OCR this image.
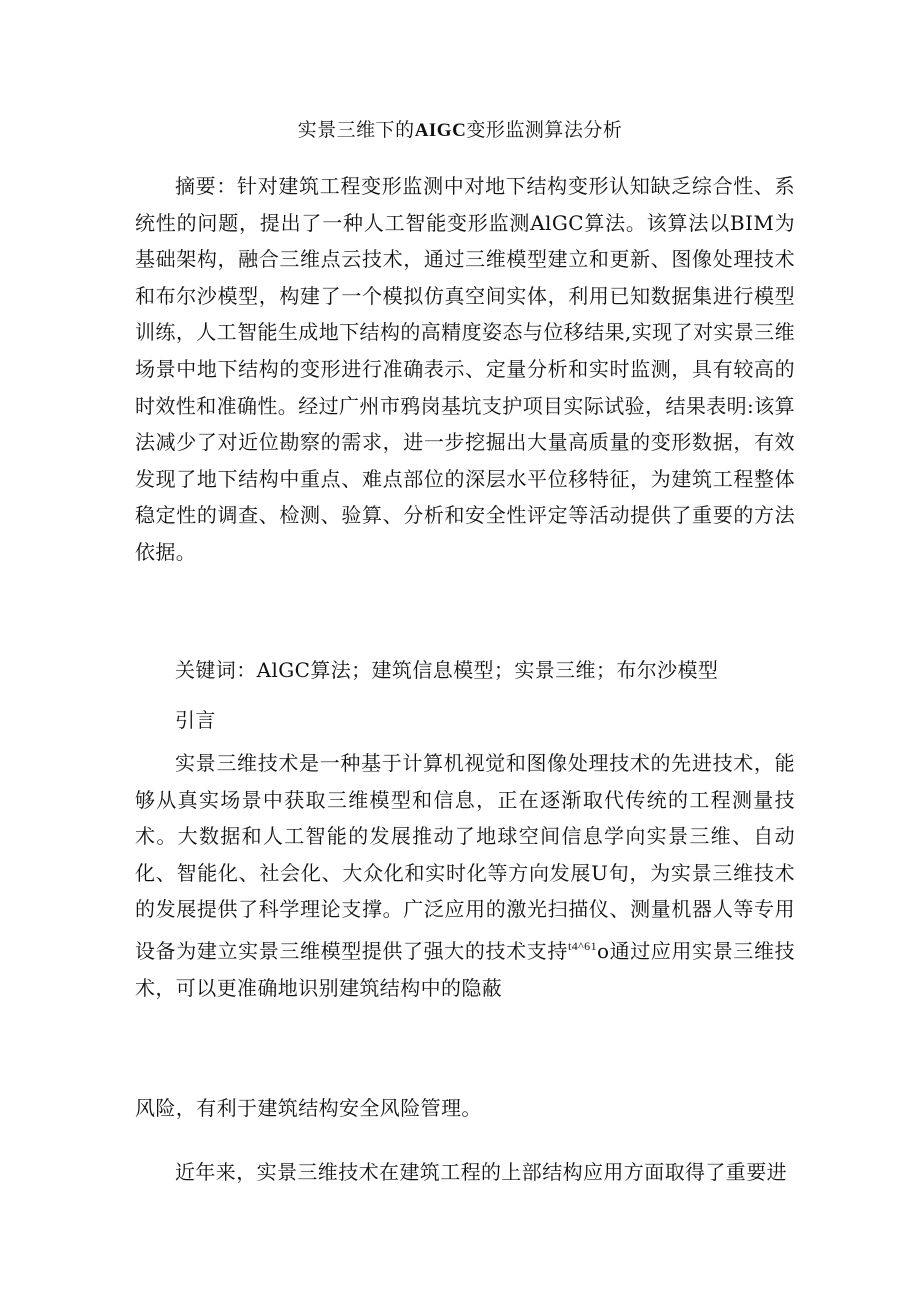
实景三维下的AIGC变形监测算法分析

摘要：针对建筑工程变形监测中对地下结构变形认知缺乏综合性、系统性的问题，提出了一种人工智能变形监测AlGC算法。该算法以BIM为基础架构，融合三维点云技术，通过三维模型建立和更新、图像处理技术和布尔沙模型，构建了一个模拟仿真空间实体，利用已知数据集进行模型训练，人工智能生成地下结构的高精度姿态与位移结果,实现了对实景三维场景中地下结构的变形进行准确表示、定量分析和实时监测，具有较高的时效性和准确性。经过广州市鸦岗基坑支护项目实际试验，结果表明:该算法减少了对近位勘察的需求，进一步挖掘出大量高质量的变形数据，有效发现了地下结构中重点、难点部位的深层水平位移特征，为建筑工程整体稳定性的调查、检测、验算、分析和安全性评定等活动提供了重要的方法依据。

关键词：AlGC算法；建筑信息模型；实景三维；布尔沙模型

引言

实景三维技术是一种基于计算机视觉和图像处理技术的先进技术，能够从真实场景中获取三维模型和信息，正在逐渐取代传统的工程测量技术。大数据和人工智能的发展推动了地球空间信息学向实景三维、自动化、智能化、社会化、大众化和实时化等方向发展U旬，为实景三维技术的发展提供了科学理论支撑。广泛应用的激光扫描仪、测量机器人等专用设备为建立实景三维模型提供了强大的技术支持$^{t4\^{}61}$o通过应用实景三维技术，可以更准确地识别建筑结构中的隐蔽

风险，有利于建筑结构安全风险管理。

近年来，实景三维技术在建筑工程的上部结构应用方面取得了重要进
